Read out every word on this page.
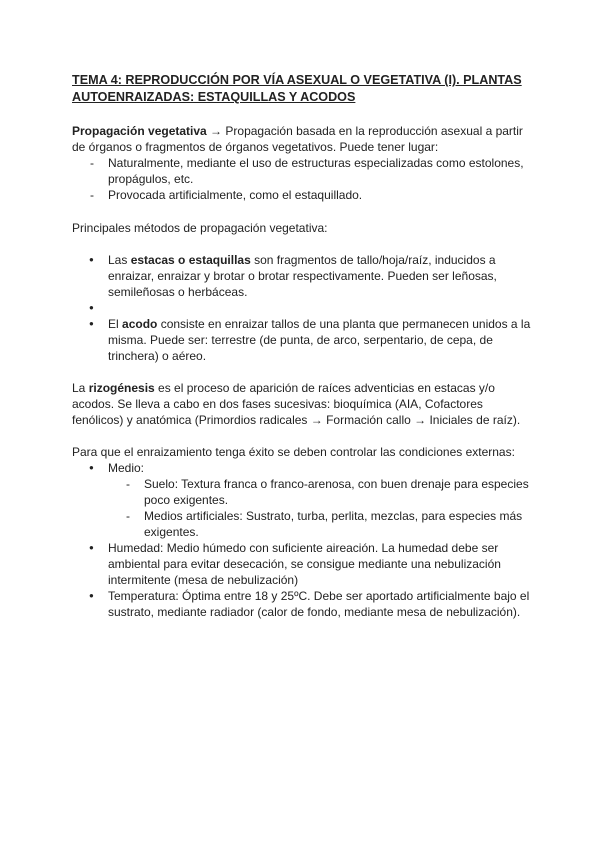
TEMA 4: REPRODUCCIÓN POR VÍA ASEXUAL O VEGETATIVA (I). PLANTAS AUTOENRAIZADAS: ESTAQUILLAS Y ACODOS

Propagación vegetativa → Propagación basada en la reproducción asexual a partir de órganos o fragmentos de órganos vegetativos. Puede tener lugar:

- Naturalmente, mediante el uso de estructuras especializadas como estolones, propágulos, etc.
- Provocada artificialmente, como el estaquillado.

Principales métodos de propagación vegetativa:

● Las estacas o estaquillas son fragmentos de tallo/hoja/raíz, inducidos a enraizar, enraizar y brotar o brotar respectivamente. Pueden ser leñosas, semileñosas o herbáceas.
●
● El acodo consiste en enraizar tallos de una planta que permanecen unidos a la misma. Puede ser: terrestre (de punta, de arco, serpentario, de cepa, de trinchera) o aéreo.

La rizogénesis es el proceso de aparición de raíces adventicias en estacas y/o acodos. Se lleva a cabo en dos fases sucesivas: bioquímica (AIA, Cofactores fenólicos) y anatómica (Primordios radicales → Formación callo → Iniciales de raíz).

Para que el enraizamiento tenga éxito se deben controlar las condiciones externas:

● Medio:
- Suelo: Textura franca o franco-arenosa, con buen drenaje para especies poco exigentes.
- Medios artificiales: Sustrato, turba, perlita, mezclas, para especies más exigentes.
● Humedad: Medio húmedo con suficiente aireación. La humedad debe ser ambiental para evitar desecación, se consigue mediante una nebulización intermitente (mesa de nebulización)
● Temperatura: Óptima entre 18 y 25ºC. Debe ser aportado artificialmente bajo el sustrato, mediante radiador (calor de fondo, mediante mesa de nebulización).
